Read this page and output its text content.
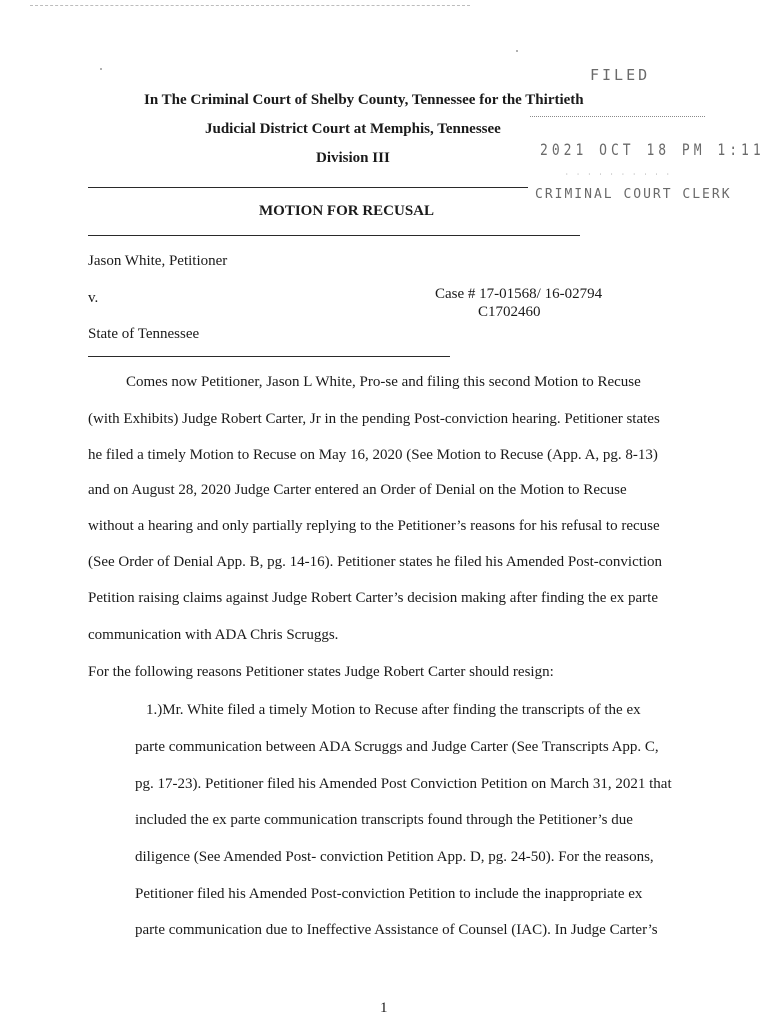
FILED
2021 OCT 18 PM 1:11
· · · · · · · · · ·
CRIMINAL COURT CLERK
In The Criminal Court of Shelby County, Tennessee for the Thirtieth
Judicial District Court at Memphis, Tennessee
Division III
MOTION FOR RECUSAL
Jason White, Petitioner
v.	Case # 17-01568/ 16-02794
C1702460
State of Tennessee

Comes now Petitioner, Jason L White, Pro-se and filing this second Motion to Recuse

(with Exhibits) Judge Robert Carter, Jr in the pending Post-conviction hearing. Petitioner states

he filed a timely Motion to Recuse on May 16, 2020 (See Motion to Recuse (App. A, pg. 8-13)

and on August 28, 2020 Judge Carter entered an Order of Denial on the Motion to Recuse

without a hearing and only partially replying to the Petitioner’s reasons for his refusal to recuse

(See Order of Denial App. B, pg. 14-16). Petitioner states he filed his Amended Post-conviction

Petition raising claims against Judge Robert Carter’s decision making after finding the ex parte

communication with ADA Chris Scruggs.

For the following reasons Petitioner states Judge Robert Carter should resign:

1.)Mr. White filed a timely Motion to Recuse after finding the transcripts of the ex

parte communication between ADA Scruggs and Judge Carter (See Transcripts App. C,

pg. 17-23). Petitioner filed his Amended Post Conviction Petition on March 31, 2021 that

included the ex parte communication transcripts found through the Petitioner’s due

diligence (See Amended Post- conviction Petition App. D, pg. 24-50). For the reasons,

Petitioner filed his Amended Post-conviction Petition to include the inappropriate ex

parte communication due to Ineffective Assistance of Counsel (IAC). In Judge Carter’s

1
